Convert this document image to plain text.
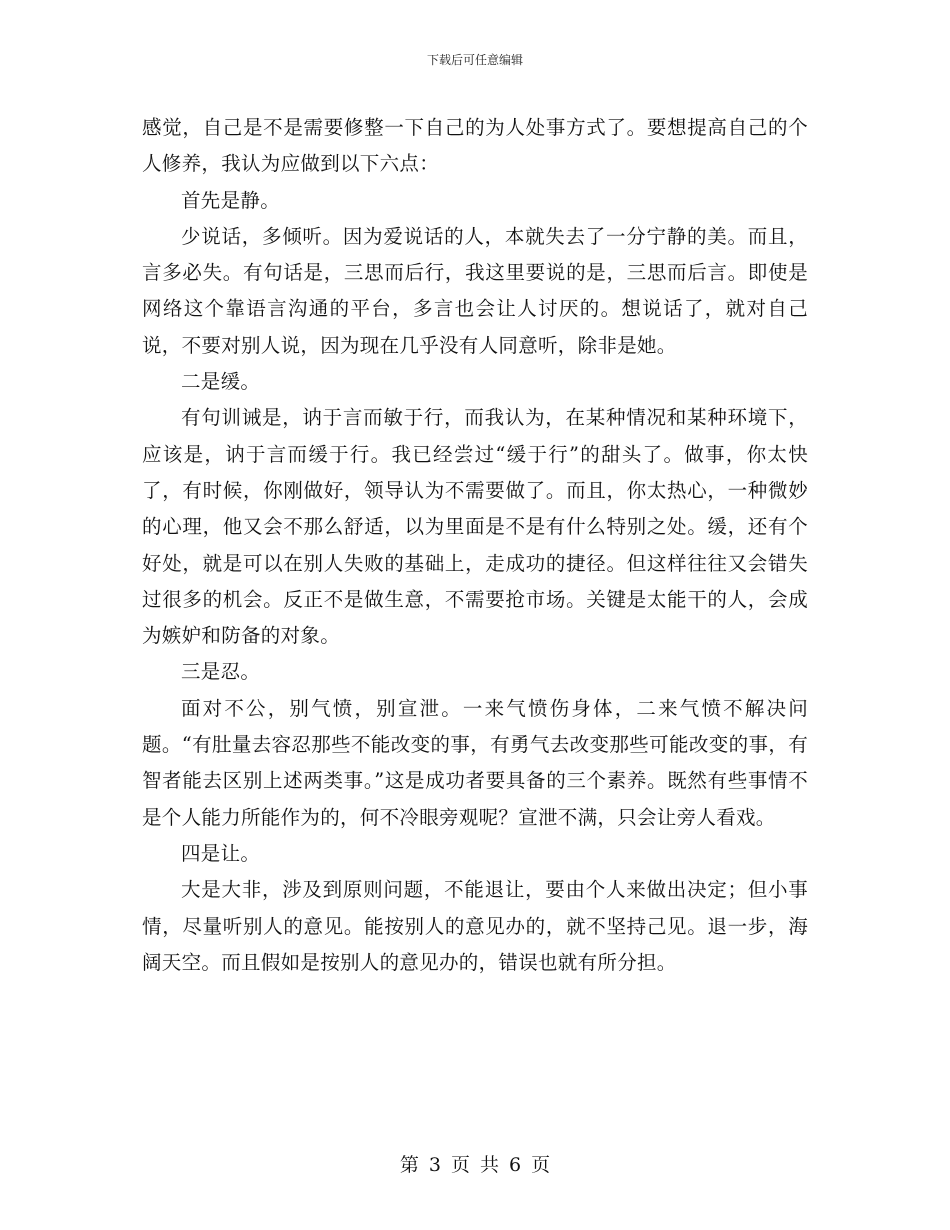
下载后可任意编辑

感觉，自己是不是需要修整一下自己的为人处事方式了。要想提高自己的个人修养，我认为应做到以下六点：

首先是静。

少说话，多倾听。因为爱说话的人，本就失去了一分宁静的美。而且，言多必失。有句话是，三思而后行，我这里要说的是，三思而后言。即使是网络这个靠语言沟通的平台，多言也会让人讨厌的。想说话了，就对自己说，不要对别人说，因为现在几乎没有人同意听，除非是她。

二是缓。

有句训诫是，讷于言而敏于行，而我认为，在某种情况和某种环境下，应该是，讷于言而缓于行。我已经尝过“缓于行”的甜头了。做事，你太快了，有时候，你刚做好，领导认为不需要做了。而且，你太热心，一种微妙的心理，他又会不那么舒适，以为里面是不是有什么特别之处。缓，还有个好处，就是可以在别人失败的基础上，走成功的捷径。但这样往往又会错失过很多的机会。反正不是做生意，不需要抢市场。关键是太能干的人，会成为嫉妒和防备的对象。

三是忍。

面对不公，别气愤，别宣泄。一来气愤伤身体，二来气愤不解决问题。“有肚量去容忍那些不能改变的事，有勇气去改变那些可能改变的事，有智者能去区别上述两类事。”这是成功者要具备的三个素养。既然有些事情不是个人能力所能作为的，何不冷眼旁观呢？宣泄不满，只会让旁人看戏。

四是让。

大是大非，涉及到原则问题，不能退让，要由个人来做出决定；但小事情，尽量听别人的意见。能按别人的意见办的，就不坚持己见。退一步，海阔天空。而且假如是按别人的意见办的，错误也就有所分担。

第 3 页 共 6 页
